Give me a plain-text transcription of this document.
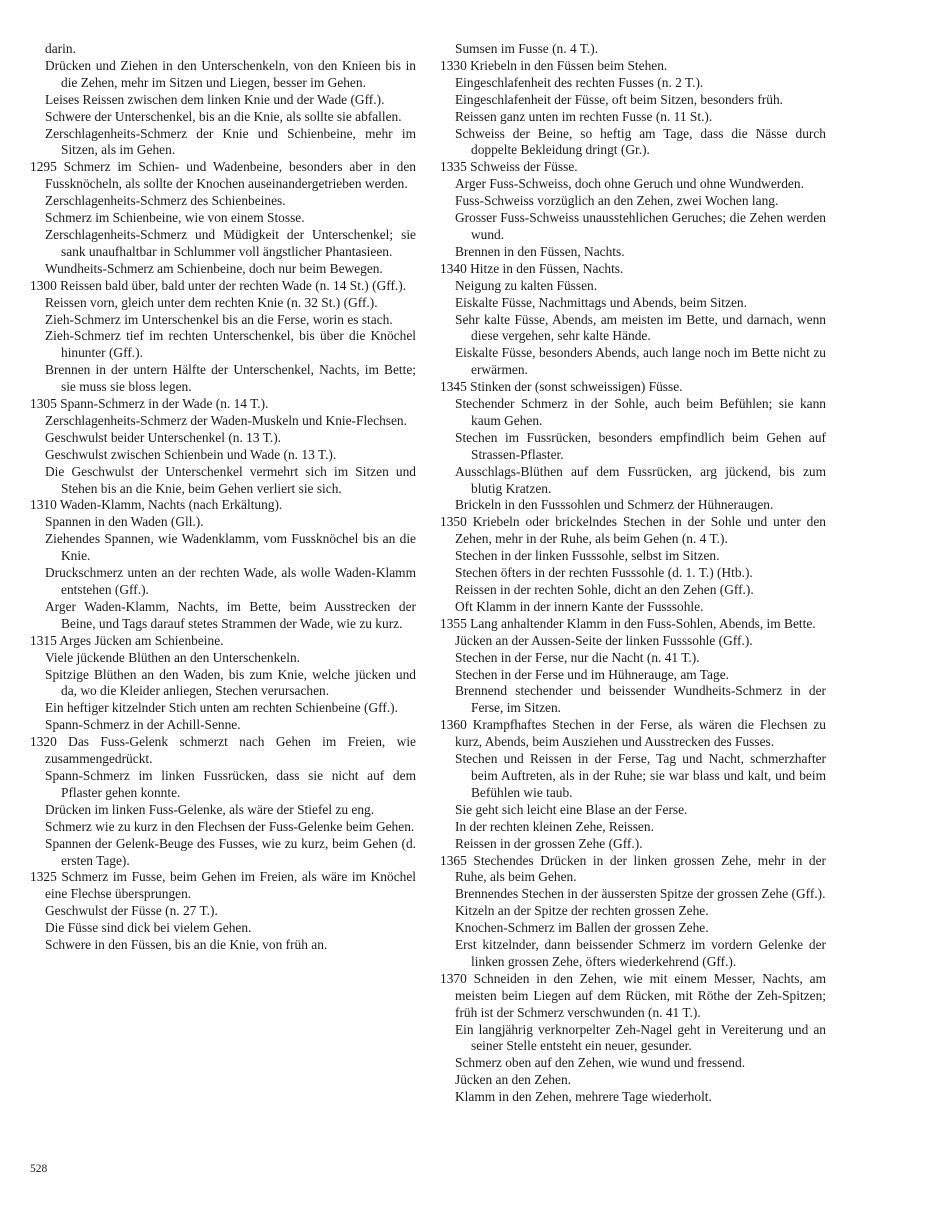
darin.
Drücken und Ziehen in den Unterschenkeln, von den Knieen bis in die Zehen, mehr im Sitzen und Liegen, besser im Gehen.
Leises Reissen zwischen dem linken Knie und der Wade (Gff.).
Schwere der Unterschenkel, bis an die Knie, als sollte sie abfallen.
Zerschlagenheits-Schmerz der Knie und Schienbeine, mehr im Sitzen, als im Gehen.
1295 Schmerz im Schien- und Wadenbeine, besonders aber in den Fussknöcheln, als sollte der Knochen auseinandergetrieben werden.
Zerschlagenheits-Schmerz des Schienbeines.
Schmerz im Schienbeine, wie von einem Stosse.
Zerschlagenheits-Schmerz und Müdigkeit der Unterschenkel; sie sank unaufhaltbar in Schlummer voll ängstlicher Phantasieen.
Wundheits-Schmerz am Schienbeine, doch nur beim Bewegen.
1300 Reissen bald über, bald unter der rechten Wade (n. 14 St.) (Gff.).
Reissen vorn, gleich unter dem rechten Knie (n. 32 St.) (Gff.).
Zieh-Schmerz im Unterschenkel bis an die Ferse, worin es stach.
Zieh-Schmerz tief im rechten Unterschenkel, bis über die Knöchel hinunter (Gff.).
Brennen in der untern Hälfte der Unterschenkel, Nachts, im Bette; sie muss sie bloss legen.
1305 Spann-Schmerz in der Wade (n. 14 T.).
Zerschlagenheits-Schmerz der Waden-Muskeln und Knie-Flechsen.
Geschwulst beider Unterschenkel (n. 13 T.).
Geschwulst zwischen Schienbein und Wade (n. 13 T.).
Die Geschwulst der Unterschenkel vermehrt sich im Sitzen und Stehen bis an die Knie, beim Gehen verliert sie sich.
1310 Waden-Klamm, Nachts (nach Erkältung).
Spannen in den Waden (Gll.).
Ziehendes Spannen, wie Wadenklamm, vom Fussknöchel bis an die Knie.
Druckschmerz unten an der rechten Wade, als wolle Waden-Klamm entstehen (Gff.).
Arger Waden-Klamm, Nachts, im Bette, beim Ausstrecken der Beine, und Tags darauf stetes Strammen der Wade, wie zu kurz.
1315 Arges Jücken am Schienbeine.
Viele jückende Blüthen an den Unterschenkeln.
Spitzige Blüthen an den Waden, bis zum Knie, welche jücken und da, wo die Kleider anliegen, Stechen verursachen.
Ein heftiger kitzelnder Stich unten am rechten Schienbeine (Gff.).
Spann-Schmerz in der Achill-Senne.
1320 Das Fuss-Gelenk schmerzt nach Gehen im Freien, wie zusammengedrückt.
Spann-Schmerz im linken Fussrücken, dass sie nicht auf dem Pflaster gehen konnte.
Drücken im linken Fuss-Gelenke, als wäre der Stiefel zu eng.
Schmerz wie zu kurz in den Flechsen der Fuss-Gelenke beim Gehen.
Spannen der Gelenk-Beuge des Fusses, wie zu kurz, beim Gehen (d. ersten Tage).
1325 Schmerz im Fusse, beim Gehen im Freien, als wäre im Knöchel eine Flechse übersprungen.
Geschwulst der Füsse (n. 27 T.).
Die Füsse sind dick bei vielem Gehen.
Schwere in den Füssen, bis an die Knie, von früh an.
Sumsen im Fusse (n. 4 T.).
1330 Kriebeln in den Füssen beim Stehen.
Eingeschlafenheit des rechten Fusses (n. 2 T.).
Eingeschlafenheit der Füsse, oft beim Sitzen, besonders früh.
Reissen ganz unten im rechten Fusse (n. 11 St.).
Schweiss der Beine, so heftig am Tage, dass die Nässe durch doppelte Bekleidung dringt (Gr.).
1335 Schweiss der Füsse.
Arger Fuss-Schweiss, doch ohne Geruch und ohne Wundwerden.
Fuss-Schweiss vorzüglich an den Zehen, zwei Wochen lang.
Grosser Fuss-Schweiss unausstehlichen Geruches; die Zehen werden wund.
Brennen in den Füssen, Nachts.
1340 Hitze in den Füssen, Nachts.
Neigung zu kalten Füssen.
Eiskalte Füsse, Nachmittags und Abends, beim Sitzen.
Sehr kalte Füsse, Abends, am meisten im Bette, und darnach, wenn diese vergehen, sehr kalte Hände.
Eiskalte Füsse, besonders Abends, auch lange noch im Bette nicht zu erwärmen.
1345 Stinken der (sonst schweissigen) Füsse.
Stechender Schmerz in der Sohle, auch beim Befühlen; sie kann kaum Gehen.
Stechen im Fussrücken, besonders empfindlich beim Gehen auf Strassen-Pflaster.
Ausschlags-Blüthen auf dem Fussrücken, arg jückend, bis zum blutig Kratzen.
Brickeln in den Fusssohlen und Schmerz der Hühneraugen.
1350 Kriebeln oder brickelndes Stechen in der Sohle und unter den Zehen, mehr in der Ruhe, als beim Gehen (n. 4 T.).
Stechen in der linken Fusssohle, selbst im Sitzen.
Stechen öfters in der rechten Fusssohle (d. 1. T.) (Htb.).
Reissen in der rechten Sohle, dicht an den Zehen (Gff.).
Oft Klamm in der innern Kante der Fusssohle.
1355 Lang anhaltender Klamm in den Fuss-Sohlen, Abends, im Bette.
Jücken an der Aussen-Seite der linken Fusssohle (Gff.).
Stechen in der Ferse, nur die Nacht (n. 41 T.).
Stechen in der Ferse und im Hühnerauge, am Tage.
Brennend stechender und beissender Wundheits-Schmerz in der Ferse, im Sitzen.
1360 Krampfhaftes Stechen in der Ferse, als wären die Flechsen zu kurz, Abends, beim Ausziehen und Ausstrecken des Fusses.
Stechen und Reissen in der Ferse, Tag und Nacht, schmerzhafter beim Auftreten, als in der Ruhe; sie war blass und kalt, und beim Befühlen wie taub.
Sie geht sich leicht eine Blase an der Ferse.
In der rechten kleinen Zehe, Reissen.
Reissen in der grossen Zehe (Gff.).
1365 Stechendes Drücken in der linken grossen Zehe, mehr in der Ruhe, als beim Gehen.
Brennendes Stechen in der äussersten Spitze der grossen Zehe (Gff.).
Kitzeln an der Spitze der rechten grossen Zehe.
Knochen-Schmerz im Ballen der grossen Zehe.
Erst kitzelnder, dann beissender Schmerz im vordern Gelenke der linken grossen Zehe, öfters wiederkehrend (Gff.).
1370 Schneiden in den Zehen, wie mit einem Messer, Nachts, am meisten beim Liegen auf dem Rücken, mit Röthe der Zeh-Spitzen; früh ist der Schmerz verschwunden (n. 41 T.).
Ein langjährig verknorpelter Zeh-Nagel geht in Vereiterung und an seiner Stelle entsteht ein neuer, gesunder.
Schmerz oben auf den Zehen, wie wund und fressend.
Jücken an den Zehen.
Klamm in den Zehen, mehrere Tage wiederholt.
528
